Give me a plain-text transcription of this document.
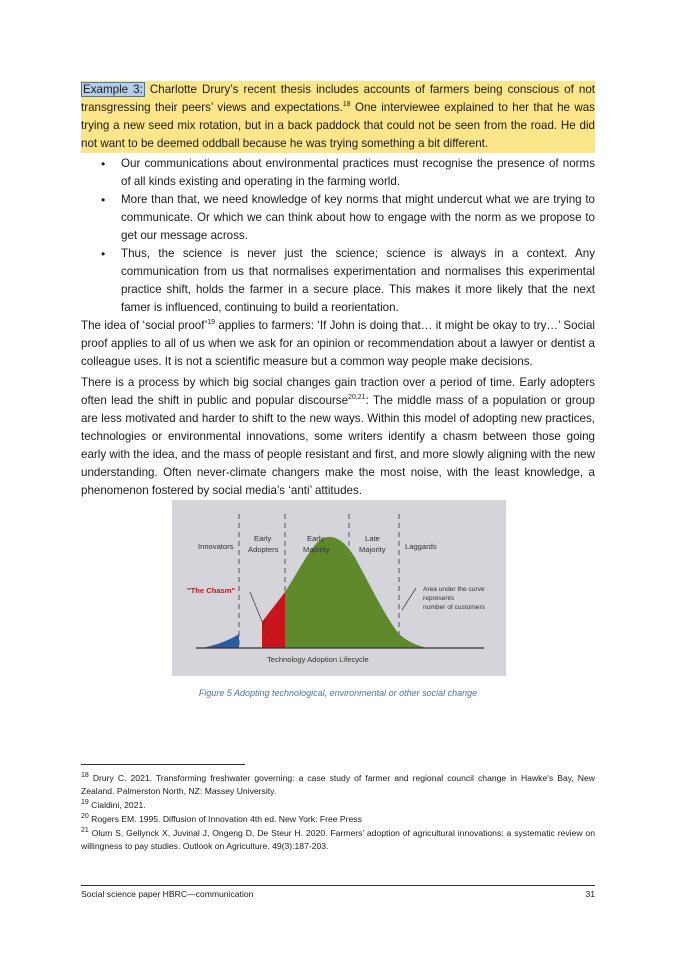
Example 3: Charlotte Drury’s recent thesis includes accounts of farmers being conscious of not transgressing their peers’ views and expectations.$^{18}$ One interviewee explained to her that he was trying a new seed mix rotation, but in a back paddock that could not be seen from the road. He did not want to be deemed oddball because he was trying something a bit different.
• Our communications about environmental practices must recognise the presence of norms of all kinds existing and operating in the farming world.
• More than that, we need knowledge of key norms that might undercut what we are trying to communicate. Or which we can think about how to engage with the norm as we propose to get our message across.
• Thus, the science is never just the science; science is always in a context. Any communication from us that normalises experimentation and normalises this experimental practice shift, holds the farmer in a secure place. This makes it more likely that the next famer is influenced, continuing to build a reorientation.
The idea of ‘social proof’$^{19}$ applies to farmers: ‘If John is doing that… it might be okay to try…’ Social proof applies to all of us when we ask for an opinion or recommendation about a lawyer or dentist a colleague uses. It is not a scientific measure but a common way people make decisions.
There is a process by which big social changes gain traction over a period of time. Early adopters often lead the shift in public and popular discourse$^{20,21}$: The middle mass of a population or group are less motivated and harder to shift to the new ways. Within this model of adopting new practices, technologies or environmental innovations, some writers identify a chasm between those going early with the idea, and the mass of people resistant and first, and more slowly aligning with the new understanding. Often never-climate changers make the most noise, with the least knowledge, a phenomenon fostered by social media’s ‘anti’ attitudes.
Innovators
Early
Adopters
Early
Majority
Late
Majority	Laggards
"The Chasm"	Area under the curve
represents
number of customers
Technology Adoption Lifecycle
Figure 5 Adopting technological, environmental or other social change

$^{18}$ Drury C. 2021. Transforming freshwater governing: a case study of farmer and regional council change in Hawke's Bay, New Zealand. Palmerston North, NZ: Massey University.

$^{19}$ Cialdini, 2021.

$^{20}$ Rogers EM. 1995. Diffusion of Innovation 4th ed. New York: Free Press

$^{21}$ Olum S, Gellynck X, Juvinal J, Ongeng D, De Steur H. 2020. Farmers’ adoption of agricultural innovations: a systematic review on willingness to pay studies. Outlook on Agriculture. 49(3):187-203.

Social science paper HBRC—communication	31
